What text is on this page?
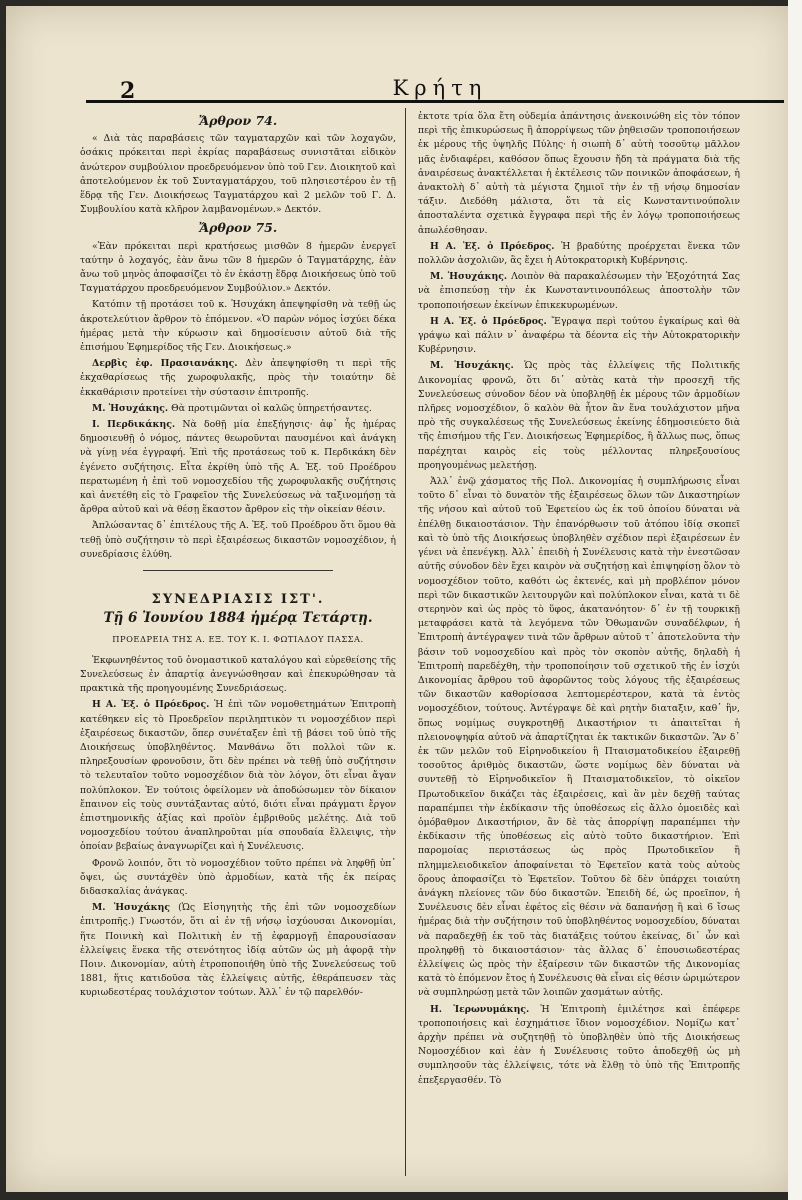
2	Κρήτη
Ἄρθρον 74.

« Διὰ τὰς παραβάσεις τῶν ταγματαρχῶν καὶ τῶν λοχαγῶν, ὁσάκις πρόκειται περὶ ἐκρίας παραβάσεως συνιστᾶται εἰδικὸν ἀνώτερον συμβούλιον προεδρευόμενον ὑπὸ τοῦ Γεν. Διοικητοῦ καὶ ἀποτελούμενον ἐκ τοῦ Συνταγματάρχου, τοῦ πλησιεστέρου ἐν τῇ ἕδρᾳ τῆς Γεν. Διοικήσεως Ταγματάρχου καὶ 2 μελῶν τοῦ Γ. Δ. Συμβουλίου κατὰ κλῆρον λαμβανομένων.» Δεκτόν.

Ἄρθρον 75.

«Ἐὰν πρόκειται περὶ κρατήσεως μισθῶν 8 ἡμερῶν ἐνεργεῖ ταύτην ὁ λοχαγός, ἐὰν ἄνω τῶν 8 ἡμερῶν ὁ Ταγματάρχης, ἐὰν ἄνω τοῦ μηνὸς ἀποφασίζει τὸ ἐν ἑκάστῃ ἕδρᾳ Διοικήσεως ὑπὸ τοῦ Ταγματάρχου προεδρευόμενον Συμβούλιον.» Δεκτόν.

Κατόπιν τῇ προτάσει τοῦ κ. Ἡσυχάκη ἀπεψηφίσθη νὰ τεθῇ ὡς ἀκροτελεύτιον ἄρθρον τὸ ἑπόμενον. «Ὁ παρὼν νόμος ἰσχύει δέκα ἡμέρας μετὰ τὴν κύρωσιν καὶ δημοσίευσιν αὐτοῦ διὰ τῆς ἐπισήμου Ἐφημερίδος τῆς Γεν. Διοικήσεως.»

Δερβὶς ἐφ. Πρασιανάκης. Δὲν ἀπεψηφίσθη τι περὶ τῆς ἐκχαθαρίσεως τῆς χωροφυλακῆς, πρὸς τὴν τοιαύτην δὲ ἐκκαθάρισιν προτείνει τὴν σύστασιν ἐπιτροπῆς.

Μ. Ἡσυχάκης. Θὰ προτιμῶνται οἱ καλῶς ὑπηρετήσαντες.

Ι. Περδικάκης. Νὰ δοθῇ μία ἐπεξήγησις· ἀφ᾽ ἧς ἡμέρας δημοσιευθῇ ὁ νόμος, πάντες θεωροῦνται παυσμένοι καὶ ἀνάγκη νὰ γίνῃ νέα ἐγγραφή. Ἐπὶ τῆς προτάσεως τοῦ κ. Περδικάκη δὲν ἐγένετο συζήτησις. Εἶτα ἐκρίθη ὑπὸ τῆς Α. Ἐξ. τοῦ Προέδρου περατωμένη ἡ ἐπὶ τοῦ νομοσχεδίου τῆς χωροφυλακῆς συζήτησις καὶ ἀνετέθη εἰς τὸ Γραφεῖον τῆς Συνελεύσεως νὰ ταξινομήσῃ τὰ ἄρθρα αὐτοῦ καὶ νὰ θέσῃ ἕκαστον ἄρθρον εἰς τὴν οἰκείαν θέσιν.

Ἀπλώσαντας δ᾽ ἐπιτέλους τῆς Α. Ἐξ. τοῦ Προέδρου ὅτι ὅμου θὰ τεθῇ ὑπὸ συζήτησιν τὸ περὶ ἐξαιρέσεως δικαστῶν νομοσχέδιον, ἡ συνεδρίασις ἐλύθη.

ΣΥΝΕΔΡΙΑΣΙΣ ΙΣΤ'.
Τῇ 6 Ἰουνίου 1884 ἡμέρᾳ Τετάρτῃ.
ΠΡΟΕΔΡΕΙΑ ΤΗΣ Α. ΕΞ. ΤΟΥ Κ. Ι. ΦΩΤΙΑΔΟΥ ΠΑΣΣΑ.

Ἐκφωνηθέντος τοῦ ὀνομαστικοῦ καταλόγου καὶ εὑρεθείσης τῆς Συνελεύσεως ἐν ἀπαρτίᾳ ἀνεγνώσθησαν καὶ ἐπεκυρώθησαν τὰ πρακτικὰ τῆς προηγουμένης Συνεδριάσεως.

Η Α. Ἐξ. ὁ Πρόεδρος. Ἡ ἐπὶ τῶν νομοθετημάτων Ἐπιτροπὴ κατέθηκεν εἰς τὸ Προεδρεῖον περιληπτικὸν τι νομοσχέδιον περὶ ἐξαιρέσεως δικαστῶν, ὅπερ συνέταξεν ἐπὶ τῇ βάσει τοῦ ὑπὸ τῆς Διοικήσεως ὑποβληθέντος. Μανθάνω ὅτι πολλοὶ τῶν κ. πληρεξουσίων φρονοῦσιν, ὅτι δὲν πρέπει νὰ τεθῇ ὑπὸ συζήτησιν τὸ τελευταῖον τοῦτο νομοσχέδιον διὰ τὸν λόγον, ὅτι εἶναι ἄγαν πολύπλοκον. Ἐν τούτοις ὀφείλομεν νὰ ἀποδώσωμεν τὸν δίκαιον ἔπαινον εἰς τοὺς συντάξαντας αὐτό, διότι εἶναι πράγματι ἔργον ἐπιστημονικῆς ἀξίας καὶ προϊὸν ἐμβριθοῦς μελέτης. Διὰ τοῦ νομοσχεδίου τούτου ἀναπληροῦται μία σπουδαία ἔλλειψις, τὴν ὁποίαν βεβαίως ἀναγνωρίζει καὶ ἡ Συνέλευσις.

Φρονῶ λοιπόν, ὅτι τὸ νομοσχέδιον τοῦτο πρέπει νὰ ληφθῇ ὑπ᾽ ὄψει, ὡς συντάχθὲν ὑπὸ ἀρμοδίων, κατὰ τῆς ἐκ πείρας διδασκαλίας ἀνάγκας.

Μ. Ἡσυχάκης (Ὡς Εἰσηγητὴς τῆς ἐπὶ τῶν νομοσχεδίων ἐπιτροπῆς.) Γνωστόν, ὅτι αἱ ἐν τῇ νήσῳ ἰσχύουσαι Δικονομίαι, ἥτε Ποινικὴ καὶ Πολιτικὴ ἐν τῇ ἐφαρμογῇ ἐπαρουσίασαν ἐλλείψεις ἕνεκα τῆς στενότητος ἰδίᾳ αὐτῶν ὡς μὴ ἀφορᾷ τὴν Ποιν. Δικονομίαν, αὐτὴ ἐτροποποιήθη ὑπὸ τῆς Συνελεύσεως τοῦ 1881, ἥτις κατιδοῦσα τὰς ἐλλείψεις αὐτῆς, ἐθεράπευσεν τὰς κυριωδεστέρας τουλάχιστον τούτων. Ἀλλ᾽ ἐν τῷ παρελθόν-

ἐκτοτε τρία ὅλα ἔτη οὐδεμία ἀπάντησις ἀνεκοινώθη εἰς τὸν τόπον περὶ τῆς ἐπικυρώσεως ἢ ἀπορρίψεως τῶν ῥηθεισῶν τροποποιήσεων ἐκ μέρους τῆς ὑψηλῆς Πύλης· ἡ σιωπὴ δ᾽ αὐτὴ τοσοῦτῳ μᾶλλον μᾶς ἐνδιαφέρει, καθόσον ὅπως ἔχουσιν ἤδη τὰ πράγματα διὰ τῆς ἀναιρέσεως ἀνακτέλλεται ἡ ἐκτέλεσις τῶν ποινικῶν ἀποφάσεων, ἡ ἀνακτολὴ δ᾽ αὐτὴ τὰ μέγιστα ζημιοῖ τὴν ἐν τῇ νήσῳ δημοσίαν τάξιν. Διεδόθη μάλιστα, ὅτι τὰ εἰς Κωνσταντινούπολιν ἀποσταλέντα σχετικὰ ἔγγραφα περὶ τῆς ἐν λόγῳ τροποποιήσεως ἀπωλέσθησαν.

Η Α. Ἐξ. ὁ Πρόεδρος. Ἡ βραδύτης προέρχεται ἕνεκα τῶν πολλῶν ἀσχολιῶν, ἃς ἔχει ἡ Αὐτοκρατορικὴ Κυβέρνησις.

Μ. Ἡσυχάκης. Λοιπὸν θὰ παρακαλέσωμεν τὴν Ἐξοχότητά Σας νὰ ἐπισπεύσῃ τὴν ἐκ Κωνσταντινουπόλεως ἀποστολὴν τῶν τροποποιήσεων ἐκείνων ἐπικεκυρωμένων.

Η Α. Ἐξ. ὁ Πρόεδρος. Ἔγραψα περὶ τούτου ἐγκαίρως καὶ θὰ γράψω καὶ πάλιν ν᾽ ἀναφέρω τὰ δέοντα εἰς τὴν Αὐτοκρατορικὴν Κυβέρνησιν.

Μ. Ἡσυχάκης. Ὡς πρὸς τὰς ἐλλείψεις τῆς Πολιτικῆς Δικονομίας φρονῶ, ὅτι δι᾽ αὐτὰς κατὰ τὴν προσεχῆ τῆς Συνελεύσεως σύνοδον δέον νὰ ὑποβληθῇ ἐκ μέρους τῶν ἁρμοδίων πλῆρες νομοσχέδιον, ὃ καλὸν θὰ ἦτον ἂν ἕνα τουλάχιστον μῆνα πρὸ τῆς συγκαλέσεως τῆς Συνελεύσεως ἐκείνης ἐδημοσιεύετο διὰ τῆς ἐπισήμου τῆς Γεν. Διοικήσεως Ἐφημερίδος, ἢ ἄλλως πως, ὅπως παρέχηται καιρὸς εἰς τοὺς μέλλοντας πληρεξουσίους προηγουμένως μελετήσῃ.

Ἀλλ᾽ ἐνῷ χάσματος τῆς Πολ. Δικονομίας ἡ συμπλήρωσις εἶναι τοῦτο δ᾽ εἶναι τὸ δυνατὸν τῆς ἐξαιρέσεως ὅλων τῶν Δικαστηρίων τῆς νήσου καὶ αὐτοῦ τοῦ Ἐφετείου ὡς ἐκ τοῦ ὁποίου δύναται νὰ ἐπέλθῃ δικαιοστάσιον. Τὴν ἐπανόρθωσιν τοῦ ἀτόπου ἰδίᾳ σκοπεῖ καὶ τὸ ὑπὸ τῆς Διοικήσεως ὑποβληθὲν σχέδιον περὶ ἐξαιρέσεων ἐν γένει νὰ ἐπενέγκῃ. Ἀλλ᾽ ἐπειδὴ ἡ Συνέλευσις κατὰ τὴν ἐνεστῶσαν αὐτῆς σύνοδον δὲν ἔχει καιρὸν νὰ συζητήσῃ καὶ ἐπιψηφίσῃ ὅλον τὸ νομοσχέδιον τοῦτο, καθότι ὡς ἐκτενές, καὶ μὴ προβλέπον μόνον περὶ τῶν δικαστικῶν λειτουργῶν καὶ πολύπλοκον εἶναι, κατὰ τι δὲ στερηνὸν καὶ ὡς πρὸς τὸ ὕφος, ἀκατανόητον· δ᾽ ἐν τῇ τουρκικῇ μεταφράσει κατὰ τὰ λεγόμενα τῶν Ὀθωμανῶν συναδέλφων, ἡ Ἐπιτροπὴ ἀντέγραψεν τινὰ τῶν ἄρθρων αὐτοῦ τ᾽ ἀποτελοῦντα τὴν βάσιν τοῦ νομοσχεδίου καὶ πρὸς τὸν σκοπὸν αὐτῆς, δηλαδὴ ἡ Ἐπιτροπὴ παρεδέχθη, τὴν τροποποίησιν τοῦ σχετικοῦ τῆς ἐν ἰσχύι Δικονομίας ἄρθρου τοῦ ἀφορῶντος τοὺς λόγους τῆς ἐξαιρέσεως τῶν δικαστῶν καθορίσασα λεπτομερέστερον, κατὰ τὰ ἐντὸς νομοσχέδιον, τούτους. Ἀντέγραψε δὲ καὶ ρητὴν διαταξιν, καθ᾽ ἣν, ὅπως νομίμως συγκροτηθῇ Δικαστήριον τι ἀπαιτεῖται ἡ πλειονοψηφία αὐτοῦ νὰ ἀπαρτίζηται ἐκ τακτικῶν δικαστῶν. Ἂν δ᾽ ἐκ τῶν μελῶν τοῦ Εἰρηνοδικείου ἢ Πταισματοδικείου ἐξαιρεθῇ τοσοῦτος ἀριθμὸς δικαστῶν, ὥστε νομίμως δὲν δύναται νὰ συντεθῇ τὸ Εἰρηνοδικεῖον ἢ Πταισματοδικεῖον, τὸ οἰκεῖον Πρωτοδικεῖον δικάζει τὰς ἐξαιρέσεις, καὶ ἂν μὲν δεχθῇ ταύτας παραπέμπει τὴν ἐκδίκασιν τῆς ὑποθέσεως εἰς ἄλλο ὁμοειδὲς καὶ ὁμόβαθμον Δικαστήριον, ἂν δὲ τὰς ἀπορρίψῃ παραπέμπει τὴν ἐκδίκασιν τῆς ὑποθέσεως εἰς αὐτὸ τοῦτο δικαστήριον. Ἐπὶ παρομοίας περιστάσεως ὡς πρὸς Πρωτοδικεῖον ἢ πλημμελειοδικεῖον ἀποφαίνεται τὸ Ἐφετεῖον κατὰ τοὺς αὐτοὺς ὅρους ἀποφασίζει τὸ Ἐφετεῖον. Τοῦτου δὲ δὲν ὑπάρχει τοιαύτη ἀνάγκη πλείονες τῶν δύο δικαστῶν. Ἐπειδὴ δέ, ὡς προεῖπον, ἡ Συνέλευσις δὲν εἶναι ἐφέτος εἰς θέσιν νὰ δαπανήσῃ ἢ καὶ 6 ἴσως ἡμέρας διὰ τὴν συζήτησιν τοῦ ὑποβληθέντος νομοσχεδίου, δύναται νὰ παραδεχθῇ ἐκ τοῦ τὰς διατάξεις τούτου ἐκείνας, δι᾽ ὧν καὶ προληφθῇ τὸ δικαιοστάσιον· τὰς ἄλλας δ᾽ ἐπουσιωδεστέρας ἐλλείψεις ὡς πρὸς τὴν ἐξαίρεσιν τῶν δικαστῶν τῆς Δικονομίας κατὰ τὸ ἑπόμενον ἔτος ἡ Συνέλευσις θὰ εἶναι εἰς θέσιν ὡριμώτερον νὰ συμπληρώσῃ μετὰ τῶν λοιπῶν χασμάτων αὐτῆς.

Η. Ἱερωνυμάκης. Ἡ Ἐπιτροπὴ ἐμιλέτησε καὶ ἐπέφερε τροποποιήσεις καὶ ἐσχημάτισε ἴδιον νομοσχέδιον. Νομίζω κατ᾽ ἀρχὴν πρέπει νὰ συζητηθῇ τὸ ὑποβληθὲν ὑπὸ τῆς Διοικήσεως Νομοσχέδιον καὶ ἐὰν ἡ Συνέλευσις τοῦτο ἀποδεχθῇ ὡς μὴ συμπλησοῦν τὰς ἐλλείψεις, τότε νὰ ἔλθῃ τὸ ὑπὸ τῆς Ἐπιτροπῆς ἐπεξεργασθέν. Τὸ
